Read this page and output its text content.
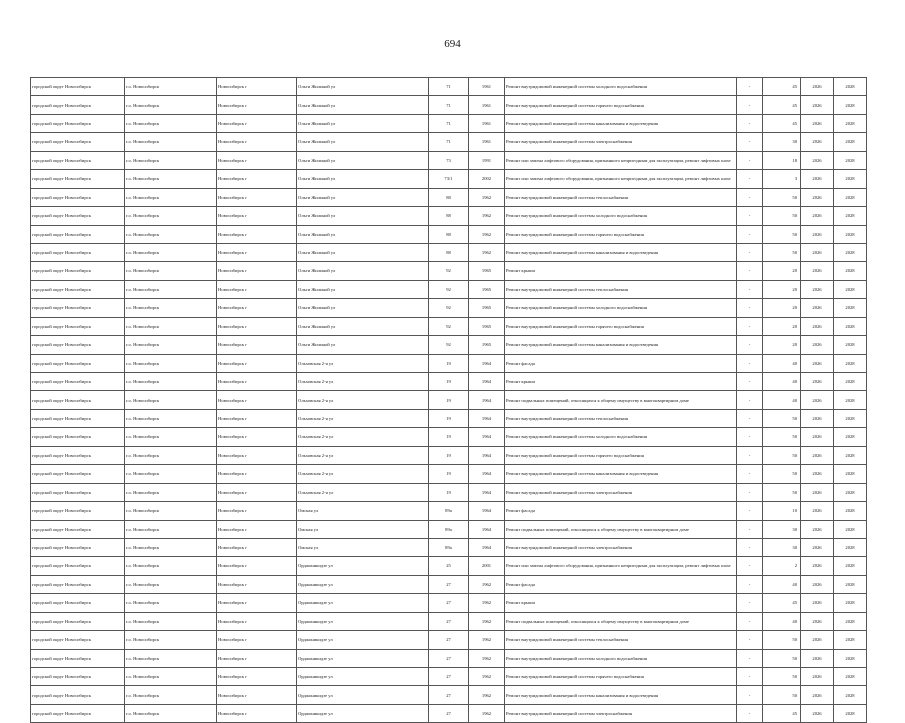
694
городской округ Новосибирск	г.о. Новосибирск	Новосибирск г	Ольги Жилиной ул	71	1961	Ремонт внутридомовой инженерной системы холодного водоснабжения	-	45	2026	2028
городской округ Новосибирск	г.о. Новосибирск	Новосибирск г	Ольги Жилиной ул	71	1961	Ремонт внутридомовой инженерной системы горячего водоснабжения	-	45	2026	2028
городской округ Новосибирск	г.о. Новосибирск	Новосибирск г	Ольги Жилиной ул	71	1961	Ремонт внутридомовой инженерной системы канализования и водоотведения	-	45	2026	2028
городской округ Новосибирск	г.о. Новосибирск	Новосибирск г	Ольги Жилиной ул	71	1961	Ремонт внутридомовой инженерной системы электроснабжения	-	30	2026	2028
городской округ Новосибирск	г.о. Новосибирск	Новосибирск г	Ольги Жилиной ул	73	1991	Ремонт или замена лифтового оборудования, признанного непригодным для эксплуатации, ремонт лифтовых шахт	-	18	2026	2028
городской округ Новосибирск	г.о. Новосибирск	Новосибирск г	Ольги Жилиной ул	73/1	2002	Ремонт или замена лифтового оборудования, признанного непригодным для эксплуатации, ремонт лифтовых шахт	-	3	2026	2028
городской округ Новосибирск	г.о. Новосибирск	Новосибирск г	Ольги Жилиной ул	88	1962	Ремонт внутридомовой инженерной системы теплоснабжения	-	50	2026	2028
городской округ Новосибирск	г.о. Новосибирск	Новосибирск г	Ольги Жилиной ул	88	1962	Ремонт внутридомовой инженерной системы холодного водоснабжения	-	50	2026	2028
городской округ Новосибирск	г.о. Новосибирск	Новосибирск г	Ольги Жилиной ул	88	1962	Ремонт внутридомовой инженерной системы горячего водоснабжения	-	50	2026	2028
городской округ Новосибирск	г.о. Новосибирск	Новосибирск г	Ольги Жилиной ул	88	1962	Ремонт внутридомовой инженерной системы канализования и водоотведения	-	50	2026	2028
городской округ Новосибирск	г.о. Новосибирск	Новосибирск г	Ольги Жилиной ул	92	1965	Ремонт крыши	-	20	2026	2028
городской округ Новосибирск	г.о. Новосибирск	Новосибирск г	Ольги Жилиной ул	92	1965	Ремонт внутридомовой инженерной системы теплоснабжения	-	20	2026	2028
городской округ Новосибирск	г.о. Новосибирск	Новосибирск г	Ольги Жилиной ул	92	1965	Ремонт внутридомовой инженерной системы холодного водоснабжения	-	20	2026	2028
городской округ Новосибирск	г.о. Новосибирск	Новосибирск г	Ольги Жилиной ул	92	1965	Ремонт внутридомовой инженерной системы горячего водоснабжения	-	20	2026	2028
городской округ Новосибирск	г.о. Новосибирск	Новосибирск г	Ольги Жилиной ул	92	1965	Ремонт внутридомовой инженерной системы канализования и водоотведения	-	20	2026	2028
городской округ Новосибирск	г.о. Новосибирск	Новосибирск г	Ольховская 2-я ул	19	1964	Ремонт фасада	-	40	2026	2028
городской округ Новосибирск	г.о. Новосибирск	Новосибирск г	Ольховская 2-я ул	19	1964	Ремонт крыши	-	40	2026	2028
городской округ Новосибирск	г.о. Новосибирск	Новосибирск г	Ольховская 2-я ул	19	1964	Ремонт подвальных помещений, относящихся к общему имуществу в многоквартирном доме	-	40	2026	2028
городской округ Новосибирск	г.о. Новосибирск	Новосибирск г	Ольховская 2-я ул	19	1964	Ремонт внутридомовой инженерной системы теплоснабжения	-	50	2026	2028
городской округ Новосибирск	г.о. Новосибирск	Новосибирск г	Ольховская 2-я ул	19	1964	Ремонт внутридомовой инженерной системы холодного водоснабжения	-	50	2026	2028
городской округ Новосибирск	г.о. Новосибирск	Новосибирск г	Ольховская 2-я ул	19	1964	Ремонт внутридомовой инженерной системы горячего водоснабжения	-	50	2026	2028
городской округ Новосибирск	г.о. Новосибирск	Новосибирск г	Ольховская 2-я ул	19	1964	Ремонт внутридомовой инженерной системы канализования и водоотведения	-	50	2026	2028
городской округ Новосибирск	г.о. Новосибирск	Новосибирск г	Ольховская 2-я ул	19	1964	Ремонт внутридомовой инженерной системы электроснабжения	-	50	2026	2028
городской округ Новосибирск	г.о. Новосибирск	Новосибирск г	Омская ул	89а	1964	Ремонт фасада	-	10	2026	2028
городской округ Новосибирск	г.о. Новосибирск	Новосибирск г	Омская ул	89а	1964	Ремонт подвальных помещений, относящихся к общему имуществу в многоквартирном доме	-	30	2026	2028
городской округ Новосибирск	г.о. Новосибирск	Новосибирск г	Омская ул	89а	1964	Ремонт внутридомовой инженерной системы электроснабжения	-	30	2026	2028
городской округ Новосибирск	г.о. Новосибирск	Новосибирск г	Орджоникидзе ул	25	2001	Ремонт или замена лифтового оборудования, признанного непригодным для эксплуатации, ремонт лифтовых шахт	-	2	2026	2028
городской округ Новосибирск	г.о. Новосибирск	Новосибирск г	Орджоникидзе ул	27	1962	Ремонт фасада	-	40	2026	2028
городской округ Новосибирск	г.о. Новосибирск	Новосибирск г	Орджоникидзе ул	27	1962	Ремонт крыши	-	45	2026	2028
городской округ Новосибирск	г.о. Новосибирск	Новосибирск г	Орджоникидзе ул	27	1962	Ремонт подвальных помещений, относящихся к общему имуществу в многоквартирном доме	-	40	2026	2028
городской округ Новосибирск	г.о. Новосибирск	Новосибирск г	Орджоникидзе ул	27	1962	Ремонт внутридомовой инженерной системы теплоснабжения	-	50	2026	2028
городской округ Новосибирск	г.о. Новосибирск	Новосибирск г	Орджоникидзе ул	27	1962	Ремонт внутридомовой инженерной системы холодного водоснабжения	-	50	2026	2028
городской округ Новосибирск	г.о. Новосибирск	Новосибирск г	Орджоникидзе ул	27	1962	Ремонт внутридомовой инженерной системы горячего водоснабжения	-	50	2026	2028
городской округ Новосибирск	г.о. Новосибирск	Новосибирск г	Орджоникидзе ул	27	1962	Ремонт внутридомовой инженерной системы канализования и водоотведения	-	50	2026	2028
городской округ Новосибирск	г.о. Новосибирск	Новосибирск г	Орджоникидзе ул	27	1962	Ремонт внутридомовой инженерной системы электроснабжения	-	45	2026	2028
